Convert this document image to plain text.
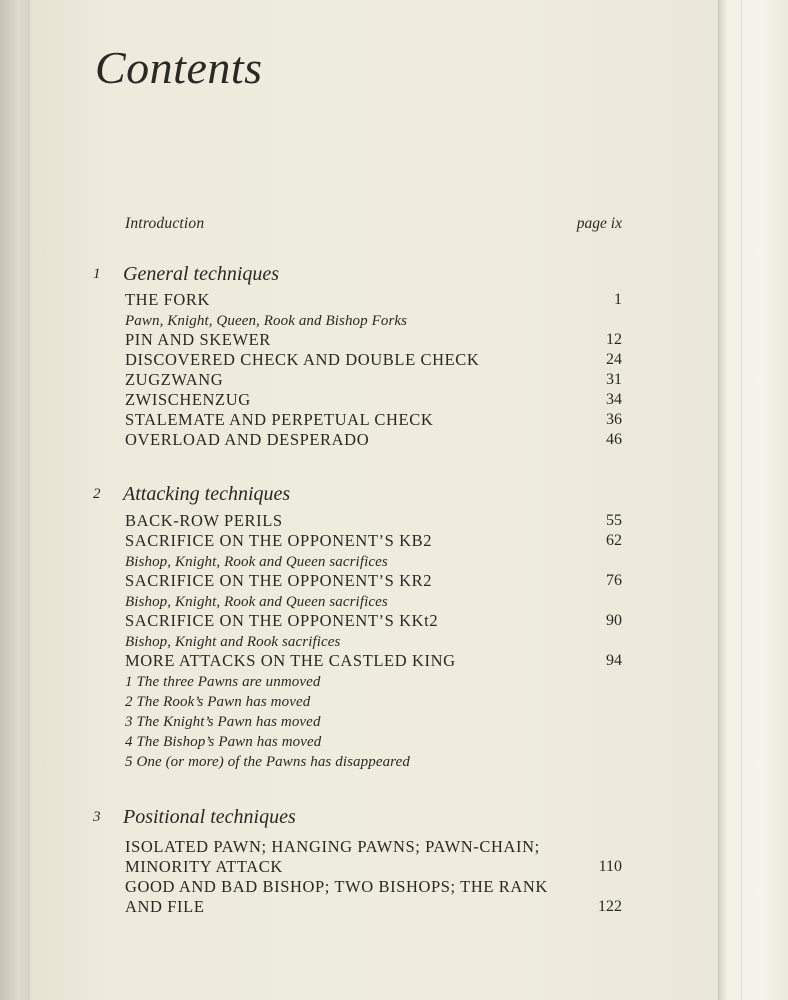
Contents
Introduction	page ix
1 General techniques
THE FORK	1
Pawn, Knight, Queen, Rook and Bishop Forks
PIN AND SKEWER	12
DISCOVERED CHECK AND DOUBLE CHECK	24
ZUGZWANG	31
ZWISCHENZUG	34
STALEMATE AND PERPETUAL CHECK	36
OVERLOAD AND DESPERADO	46
2 Attacking techniques
BACK-ROW PERILS	55
SACRIFICE ON THE OPPONENT’S KB2	62
Bishop, Knight, Rook and Queen sacrifices
SACRIFICE ON THE OPPONENT’S KR2	76
Bishop, Knight, Rook and Queen sacrifices
SACRIFICE ON THE OPPONENT’S KKt2	90
Bishop, Knight and Rook sacrifices
MORE ATTACKS ON THE CASTLED KING	94
1 The three Pawns are unmoved
2 The Rook’s Pawn has moved
3 The Knight’s Pawn has moved
4 The Bishop’s Pawn has moved
5 One (or more) of the Pawns has disappeared
3 Positional techniques
ISOLATED PAWN; HANGING PAWNS; PAWN-CHAIN;
MINORITY ATTACK	110
GOOD AND BAD BISHOP; TWO BISHOPS; THE RANK
AND FILE	122
